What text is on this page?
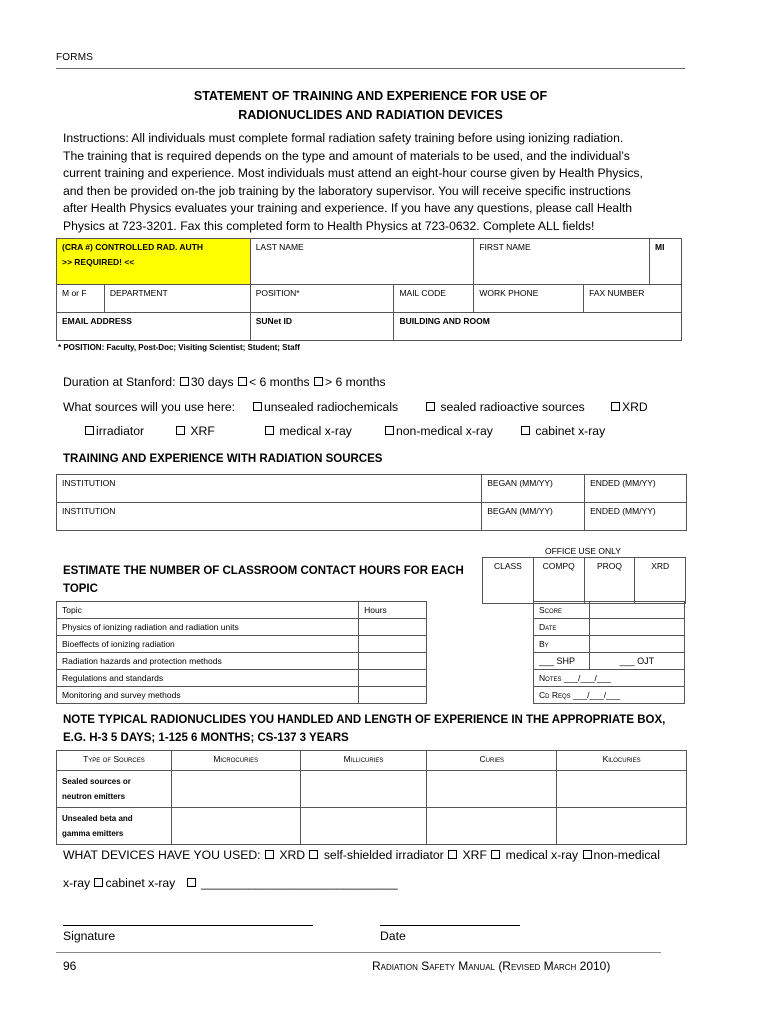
FORMS
STATEMENT OF TRAINING AND EXPERIENCE FOR USE OF
RADIONUCLIDES AND RADIATION DEVICES
Instructions: All individuals must complete formal radiation safety training before using ionizing radiation.
The training that is required depends on the type and amount of materials to be used, and the individual’s
current training and experience. Most individuals must attend an eight-hour course given by Health Physics,
and then be provided on-the job training by the laboratory supervisor. You will receive specific instructions
after Health Physics evaluates your training and experience. If you have any questions, please call Health
Physics at 723-3201. Fax this completed form to Health Physics at 723-0632. Complete ALL fields!
(CRA #) CONTROLLED RAD. AUTH
>> REQUIRED! <<		LAST NAME		FIRST NAME		MI
M or F	DEPARTMENT	POSITION*	MAIL CODE	WORK PHONE	FAX NUMBER	
EMAIL ADDRESS		SUNet ID	BUILDING AND ROOM			
* POSITION: Faculty, Post-Doc; Visiting Scientist; Student; Staff
Duration at Stanford: 30 days < 6 months > 6 months
What sources will you use here:	unsealed radiochemicals	sealed radioactive sources	XRD
irradiator	XRF	medical x-ray	non-medical x-ray	cabinet x-ray
TRAINING AND EXPERIENCE WITH RADIATION SOURCES
INSTITUTION	BEGAN (MM/YY)	ENDED (MM/YY)
INSTITUTION	BEGAN (MM/YY)	ENDED (MM/YY)
ESTIMATE THE NUMBER OF CLASSROOM CONTACT HOURS FOR EACH
TOPIC
OFFICE USE ONLY
CLASS	COMPQ	PROQ	XRD
Topic	Hours
Physics of ionizing radiation and radiation units	
Bioeffects of ionizing radiation	
Radiation hazards and protection methods	
Regulations and standards	
Monitoring and survey methods	
Score	
Date	
By	
___ SHP	___ OJT
Notes ___/___/___	
Cd Reqs ___/___/___	
NOTE TYPICAL RADIONUCLIDES YOU HANDLED AND LENGTH OF EXPERIENCE IN THE APPROPRIATE BOX,
E.G. H-3 5 DAYS; 1-125 6 MONTHS; CS-137 3 YEARS
Type of Sources	Microcuries	Millicuries	Curies	Kilocuries

Sealed sources or
neutron emitters				

Unsealed beta and
gamma emitters				

WHAT DEVICES HAVE YOU USED: XRD self-shielded irradiator XRF medical x-ray non-medical
x-ray cabinet x-ray _____________________________
Signature	Date
96	Radiation Safety Manual (Revised March 2010)
